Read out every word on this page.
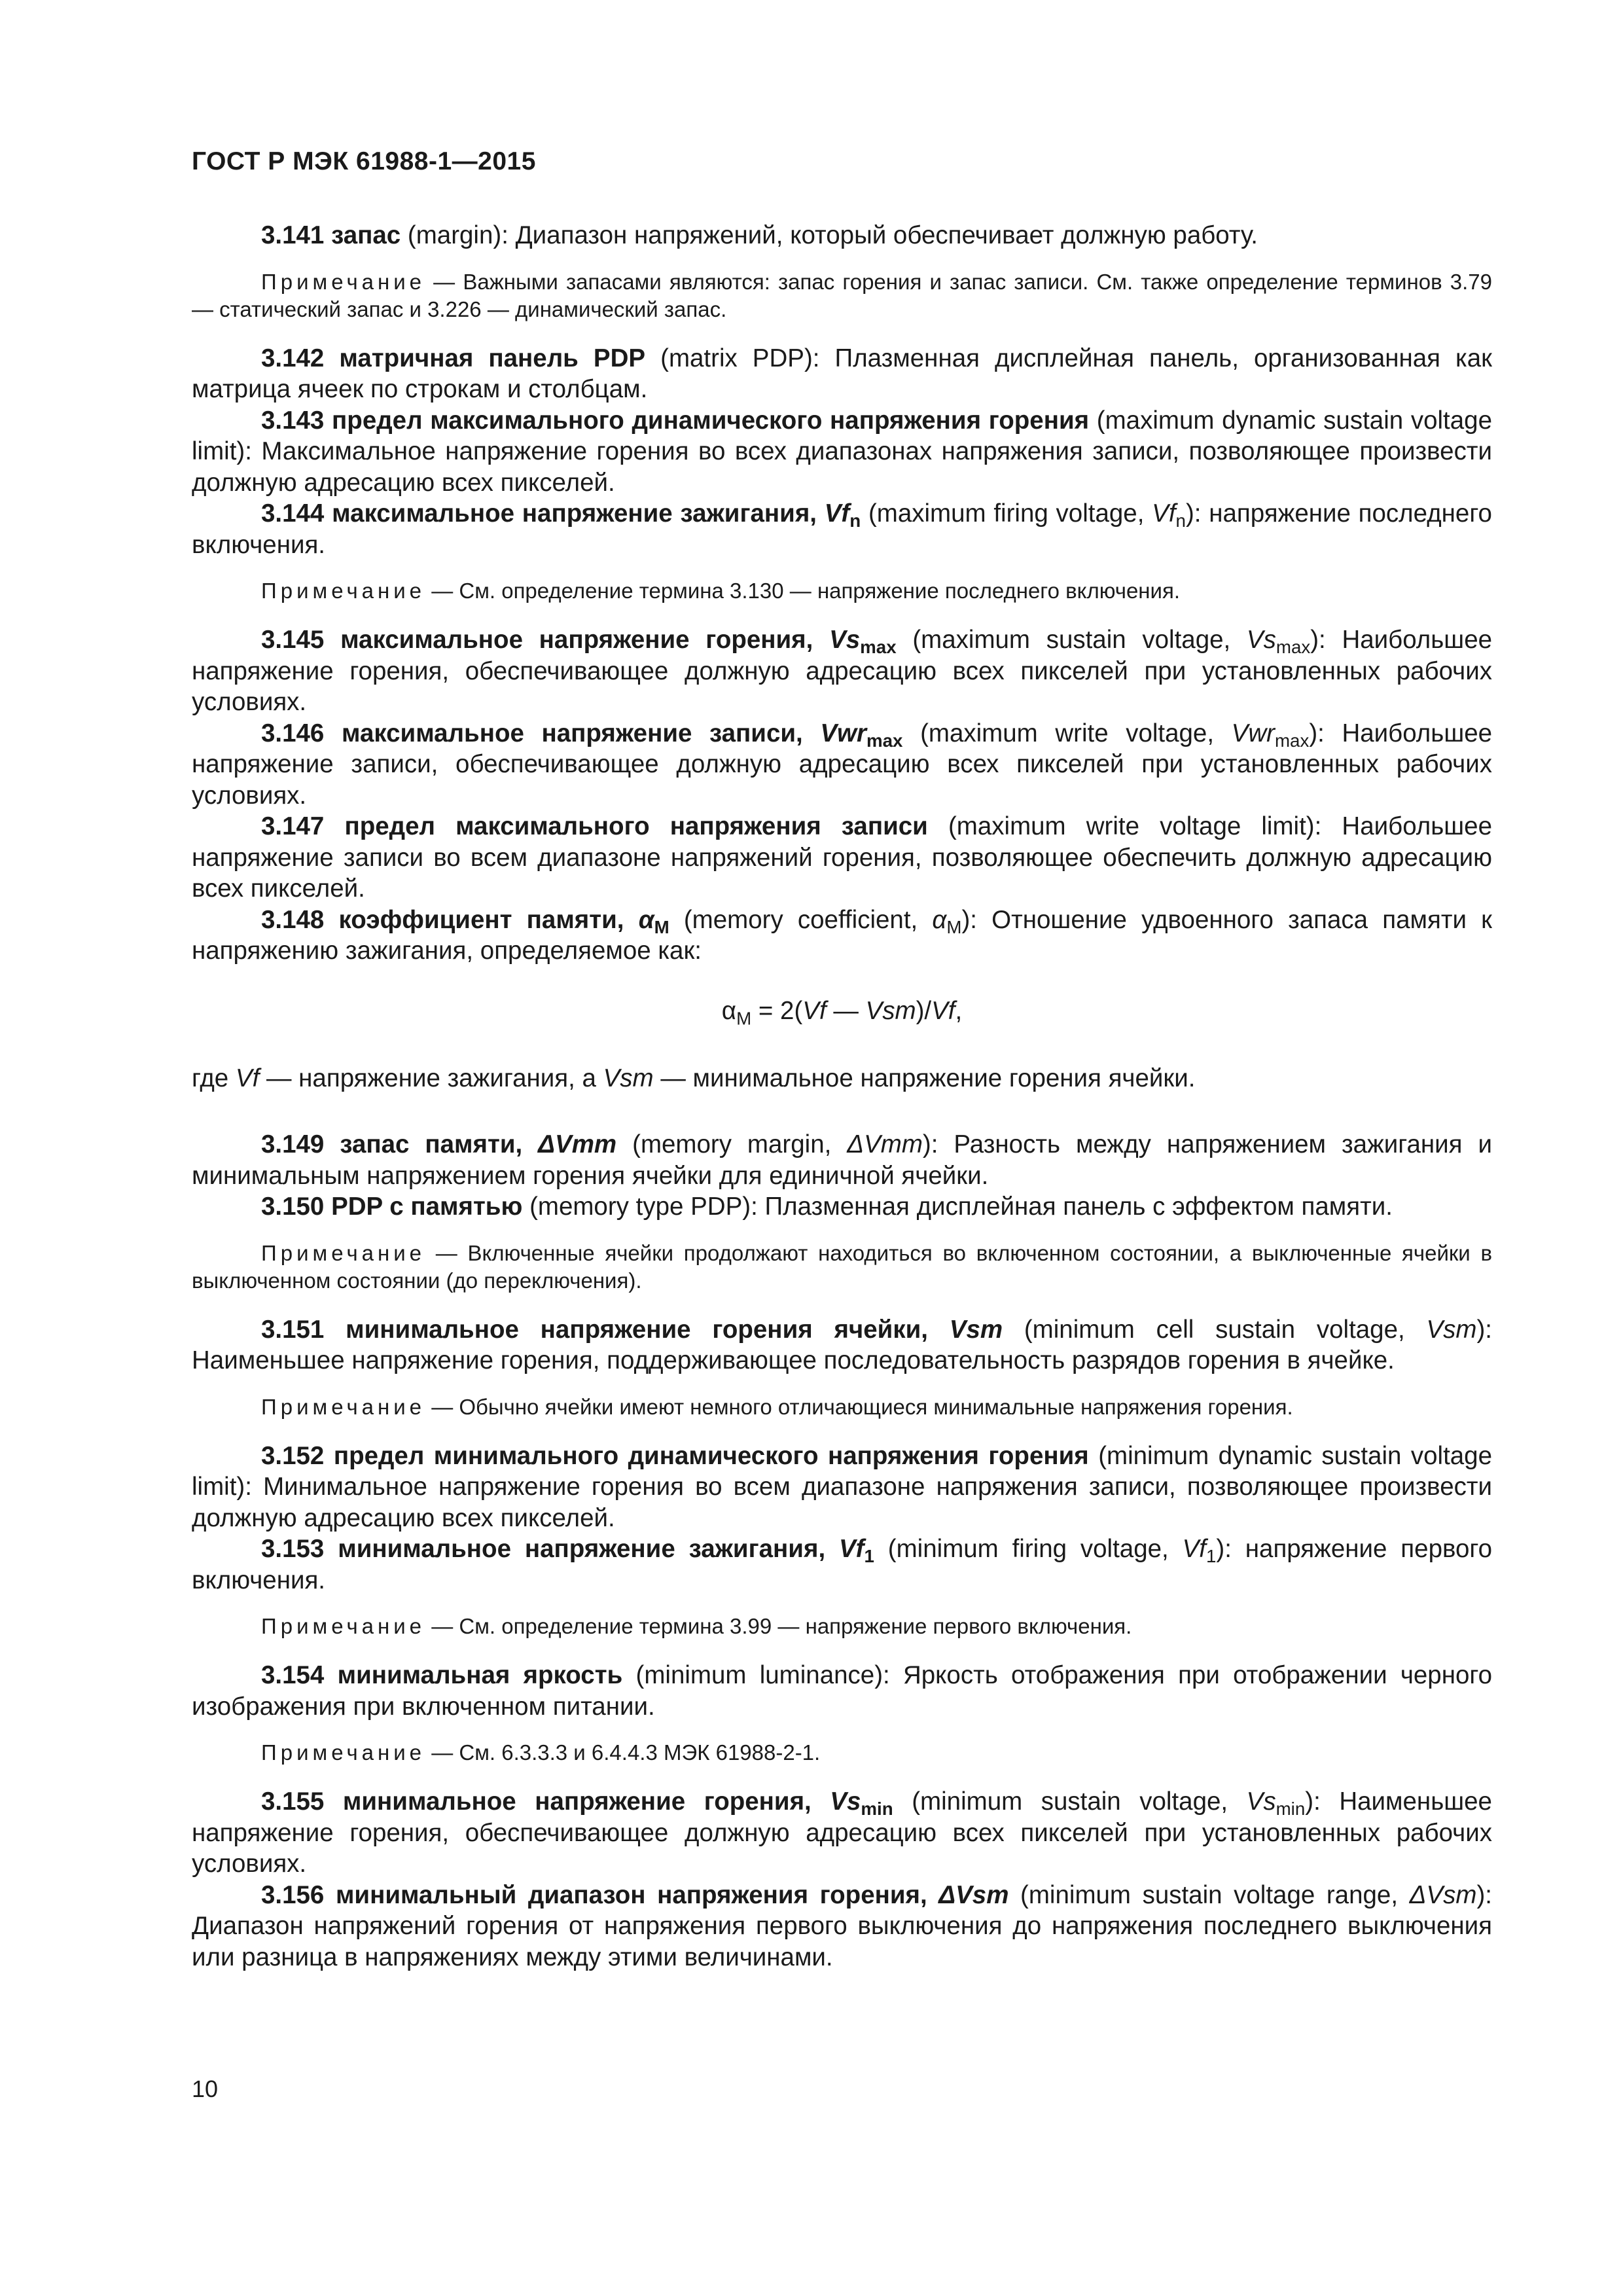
ГОСТ Р МЭК 61988-1—2015

3.141 запас (margin): Диапазон напряжений, который обеспечивает должную работу.

Примечание — Важными запасами являются: запас горения и запас записи. См. также определение терминов 3.79 — статический запас и 3.226 — динамический запас.

3.142 матричная панель PDP (matrix PDP): Плазменная дисплейная панель, организованная как матрица ячеек по строкам и столбцам.

3.143 предел максимального динамического напряжения горения (maximum dynamic sustain voltage limit): Максимальное напряжение горения во всех диапазонах напряжения записи, позволяющее произвести должную адресацию всех пикселей.

3.144 максимальное напряжение зажигания, $Vf_n$ (maximum firing voltage, $Vf_n$): напряжение последнего включения.

Примечание — См. определение термина 3.130 — напряжение последнего включения.

3.145 максимальное напряжение горения, $Vs_{max}$ (maximum sustain voltage, $Vs_{max}$): Наибольшее напряжение горения, обеспечивающее должную адресацию всех пикселей при установленных рабочих условиях.

3.146 максимальное напряжение записи, Vwr$_{max}$ (maximum write voltage, Vwr$_{max}$): Наибольшее напряжение записи, обеспечивающее должную адресацию всех пикселей при установленных рабочих условиях.

3.147 предел максимального напряжения записи (maximum write voltage limit): Наибольшее напряжение записи во всем диапазоне напряжений горения, позволяющее обеспечить должную адресацию всех пикселей.

3.148 коэффициент памяти, $\alpha_M$ (memory coefficient, $\alpha_M$): Отношение удвоенного запаса памяти к напряжению зажигания, определяемое как:

$\alpha_M = 2(Vf$ — Vsm)/Vf,

где Vf — напряжение зажигания, а Vsm — минимальное напряжение горения ячейки.

3.149 запас памяти, ΔVmm (memory margin, ΔVmm): Разность между напряжением зажигания и минимальным напряжением горения ячейки для единичной ячейки.

3.150 PDP с памятью (memory type PDP): Плазменная дисплейная панель с эффектом памяти.

Примечание — Включенные ячейки продолжают находиться во включенном состоянии, а выключенные ячейки в выключенном состоянии (до переключения).

3.151 минимальное напряжение горения ячейки, Vsm (minimum cell sustain voltage, Vsm): Наименьшее напряжение горения, поддерживающее последовательность разрядов горения в ячейке.

Примечание — Обычно ячейки имеют немного отличающиеся минимальные напряжения горения.

3.152 предел минимального динамического напряжения горения (minimum dynamic sustain voltage limit): Минимальное напряжение горения во всем диапазоне напряжения записи, позволяющее произвести должную адресацию всех пикселей.

3.153 минимальное напряжение зажигания, $Vf_1$ (minimum firing voltage, $Vf_1$): напряжение первого включения.

Примечание — См. определение термина 3.99 — напряжение первого включения.

3.154 минимальная яркость (minimum luminance): Яркость отображения при отображении черного изображения при включенном питании.

Примечание — См. 6.3.3.3 и 6.4.4.3 МЭК 61988-2-1.

3.155 минимальное напряжение горения, $Vs_{min}$ (minimum sustain voltage, $Vs_{min}$): Наименьшее напряжение горения, обеспечивающее должную адресацию всех пикселей при установленных рабочих условиях.

3.156 минимальный диапазон напряжения горения, ΔVsm (minimum sustain voltage range, ΔVsm): Диапазон напряжений горения от напряжения первого выключения до напряжения последнего выключения или разница в напряжениях между этими величинами.

10
